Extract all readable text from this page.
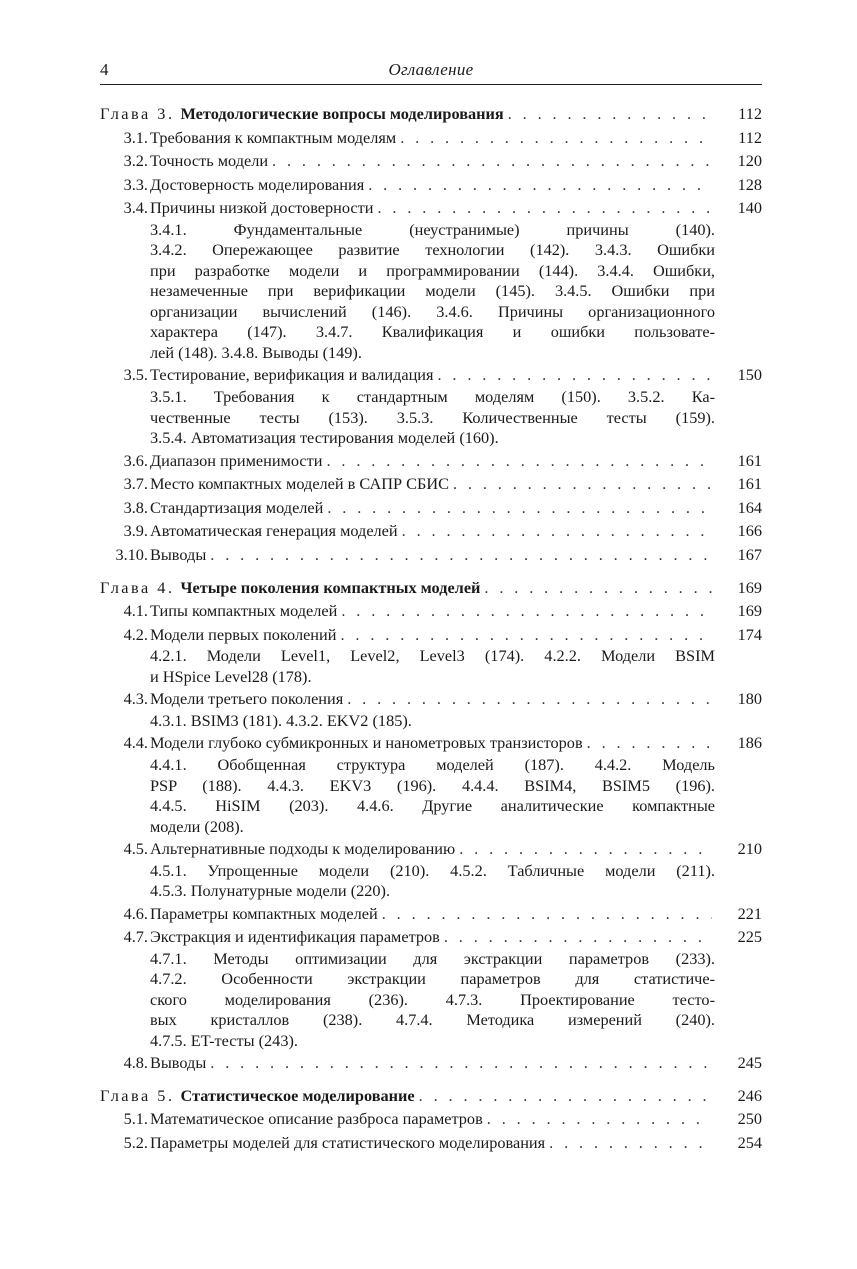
4	Оглавление
Глава 3. Методологические вопросы моделирования . . .	112
3.1. Требования к компактным моделям . . .	112
3.2. Точность модели . . .	120
3.3. Достоверность моделирования . . .	128
3.4. Причины низкой достоверности . . .	140
3.4.1. Фундаментальные (неустранимые) причины (140).
3.4.2. Опережающее развитие технологии (142). 3.4.3. Ошибки
при разработке модели и программировании (144). 3.4.4. Ошибки,
незамеченные при верификации модели (145). 3.4.5. Ошибки при
организации вычислений (146). 3.4.6. Причины организационного
характера (147). 3.4.7. Квалификация и ошибки пользовате-
лей (148). 3.4.8. Выводы (149).
3.5. Тестирование, верификация и валидация . . .	150
3.5.1. Требования к стандартным моделям (150). 3.5.2. Ка-
чественные тесты (153). 3.5.3. Количественные тесты (159).
3.5.4. Автоматизация тестирования моделей (160).
3.6. Диапазон применимости . . .	161
3.7. Место компактных моделей в САПР СБИС . . .	161
3.8. Стандартизация моделей . . .	164
3.9. Автоматическая генерация моделей . . .	166
3.10. Выводы . . .	167
Глава 4. Четыре поколения компактных моделей . . .	169
4.1. Типы компактных моделей . . .	169
4.2. Модели первых поколений . . .	174
4.2.1. Модели Level1, Level2, Level3 (174). 4.2.2. Модели BSIM
и HSpice Level28 (178).
4.3. Модели третьего поколения . . .	180
4.3.1. BSIM3 (181). 4.3.2. EKV2 (185).
4.4. Модели глубоко субмикронных и нанометровых транзисторов . . .	186
4.4.1. Обобщенная структура моделей (187). 4.4.2. Модель
PSP (188). 4.4.3. EKV3 (196). 4.4.4. BSIM4, BSIM5 (196).
4.4.5. HiSIM (203). 4.4.6. Другие аналитические компактные
модели (208).
4.5. Альтернативные подходы к моделированию . . .	210
4.5.1. Упрощенные модели (210). 4.5.2. Табличные модели (211).
4.5.3. Полунатурные модели (220).
4.6. Параметры компактных моделей . . .	221
4.7. Экстракция и идентификация параметров . . .	225
4.7.1. Методы оптимизации для экстракции параметров (233).
4.7.2. Особенности экстракции параметров для статистиче-
ского моделирования (236). 4.7.3. Проектирование тесто-
вых кристаллов (238). 4.7.4. Методика измерений (240).
4.7.5. ET-тесты (243).
4.8. Выводы . . .	245
Глава 5. Статистическое моделирование . . .	246
5.1. Математическое описание разброса параметров . . .	250
5.2. Параметры моделей для статистического моделирования . . .	254
